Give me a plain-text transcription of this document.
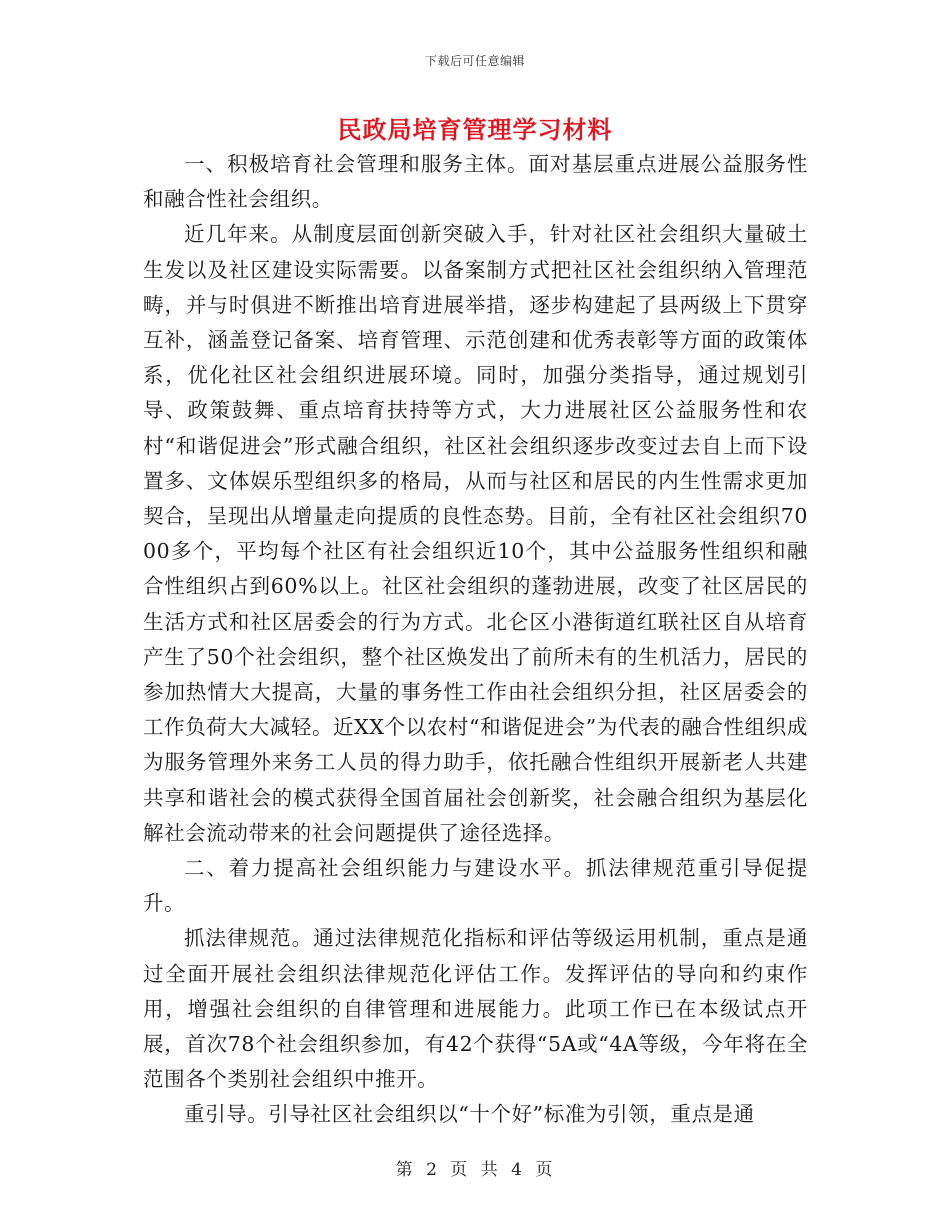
下载后可任意编辑
民政局培育管理学习材料

一、积极培育社会管理和服务主体。面对基层重点进展公益服务性和融合性社会组织。

近几年来。从制度层面创新突破入手，针对社区社会组织大量破土生发以及社区建设实际需要。以备案制方式把社区社会组织纳入管理范畴，并与时俱进不断推出培育进展举措，逐步构建起了县两级上下贯穿互补，涵盖登记备案、培育管理、示范创建和优秀表彰等方面的政策体系，优化社区社会组织进展环境。同时，加强分类指导，通过规划引导、政策鼓舞、重点培育扶持等方式，大力进展社区公益服务性和农村“和谐促进会”形式融合组织，社区社会组织逐步改变过去自上而下设置多、文体娱乐型组织多的格局，从而与社区和居民的内生性需求更加契合，呈现出从增量走向提质的良性态势。目前，全有社区社会组织7000多个，平均每个社区有社会组织近10个，其中公益服务性组织和融合性组织占到60%以上。社区社会组织的蓬勃进展，改变了社区居民的生活方式和社区居委会的行为方式。北仑区小港街道红联社区自从培育产生了50个社会组织，整个社区焕发出了前所未有的生机活力，居民的参加热情大大提高，大量的事务性工作由社会组织分担，社区居委会的工作负荷大大减轻。近XX个以农村“和谐促进会”为代表的融合性组织成为服务管理外来务工人员的得力助手，依托融合性组织开展新老人共建共享和谐社会的模式获得全国首届社会创新奖，社会融合组织为基层化解社会流动带来的社会问题提供了途径选择。

二、着力提高社会组织能力与建设水平。抓法律规范重引导促提升。

抓法律规范。通过法律规范化指标和评估等级运用机制，重点是通过全面开展社会组织法律规范化评估工作。发挥评估的导向和约束作用，增强社会组织的自律管理和进展能力。此项工作已在本级试点开展，首次78个社会组织参加，有42个获得“5A或“4A等级，今年将在全范围各个类别社会组织中推开。

重引导。引导社区社会组织以“十个好”标准为引领，重点是通

第 2 页 共 4 页
